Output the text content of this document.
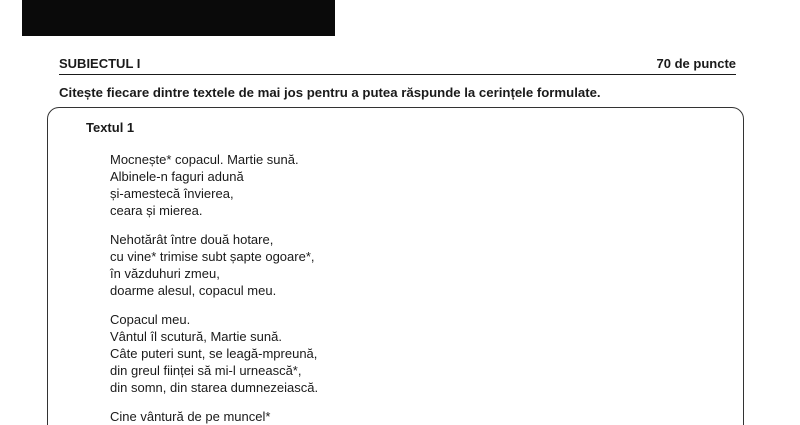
SUBIECTUL I	70 de puncte
Citește fiecare dintre textele de mai jos pentru a putea răspunde la cerințele formulate.
Textul 1
Mocnește* copacul. Martie sună.
Albinele-n faguri adună
și-amestecă învierea,
ceara și mierea.
Nehotărât între două hotare,
cu vine* trimise subt șapte ogoare*,
în văzduhuri zmeu,
doarme alesul, copacul meu.
Copacul meu.
Vântul îl scutură, Martie sună.
Câte puteri sunt, se leagă-mpreună,
din greul ființei să mi-l urnească*,
din somn, din starea dumnezeiască.
Cine vântură de pe muncel*
